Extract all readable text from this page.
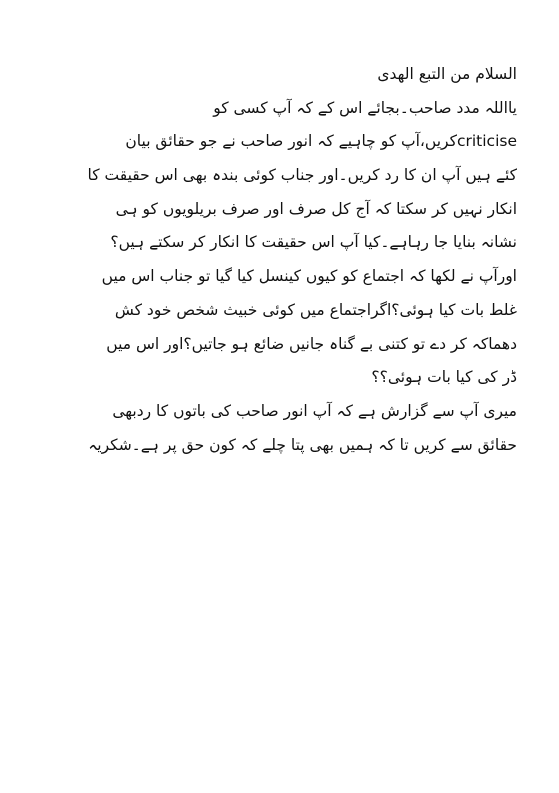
السلام من التبع الھدی
یااللہ مدد صاحب۔بجائے اس کے کہ آپ کسی کو
criticiseکریں،آپ کو چاہیے کہ انور صاحب نے جو حقائق بیان
کئے ہیں آپ ان کا رد کریں۔اور جناب کوئی بندہ بھی اس حقیقت کا
انکار نہیں کر سکتا کہ آج کل صرف اور صرف بریلویوں کو ہی
نشانہ بنایا جا رہاہے۔کیا آپ اس حقیقت کا انکار کر سکتے ہیں؟
اورآپ نے لکھا کہ اجتماع کو کیوں کینسل کیا گیا تو جناب اس میں
غلط بات کیا ہوئی؟اگراجتماع میں کوئی خبیث شخص خود کش
دھماکہ کر دے تو کتنی بے گناہ جانیں ضائع ہو جاتیں؟اور اس میں
ڈر کی کیا بات ہوئی؟؟
میری آپ سے گزارش ہے کہ آپ انور صاحب کی باتوں کا ردبھی
حقائق سے کریں تا کہ ہمیں بھی پتا چلے کہ کون حق پر ہے۔شکریہ
